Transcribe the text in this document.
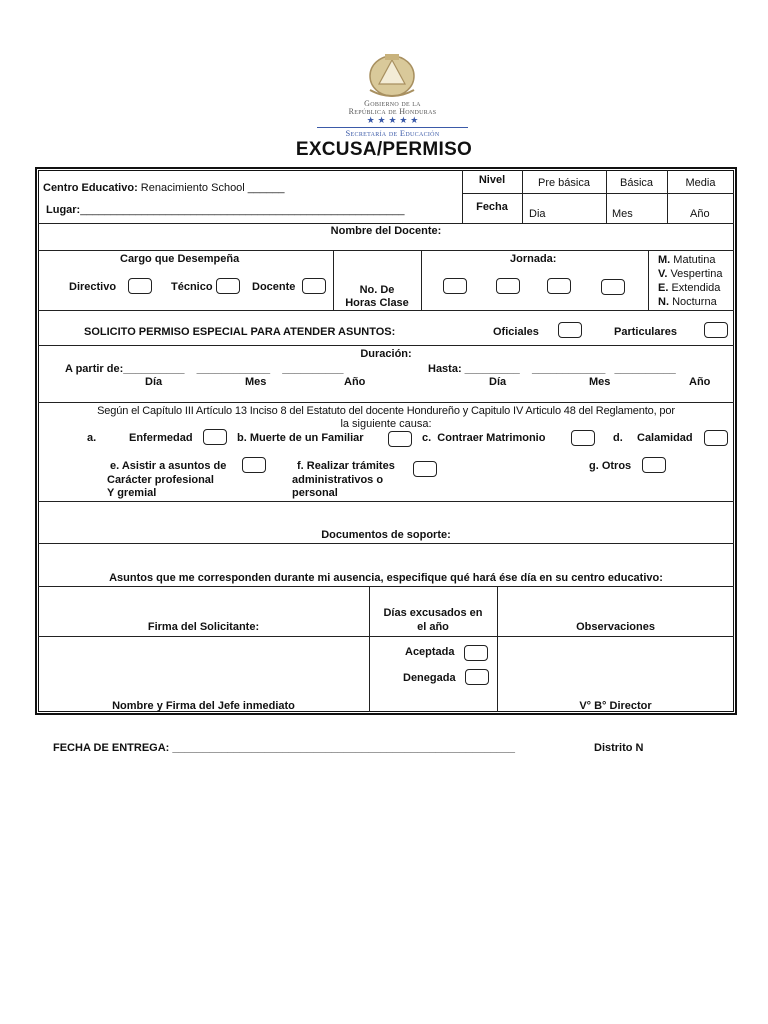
Gobierno de la
República de Honduras
★ ★ ★ ★ ★
Secretaría de Educación
EXCUSA/PERMISO
Centro Educativo: Renacimiento School ______
Lugar:_____________________________________________________
Nivel
Fecha
Pre básica	Básica	Media
Dia	Mes	Año
Nombre del Docente:
Cargo que Desempeña
Directivo	Técnico	Docente	No. De
Horas Clase
Jornada:	M. Matutina
V. Vespertina
E. Extendida
N. Nocturna
SOLICITO PERMISO ESPECIAL PARA ATENDER ASUNTOS:	Oficiales	Particulares
Duración:
A partir de:__________    ____________    __________	Hasta: _________    ____________   __________
Día	Mes	Año	Día	Mes	Año
Según el Capítulo III Artículo 13 Inciso 8 del Estatuto del docente Hondureño y Capitulo IV Articulo 48 del Reglamento, por
la siguiente causa:
a.	Enfermedad	b. Muerte de un Familiar	c.  Contraer Matrimonio	d. Calamidad
e. Asistir a asuntos de
Carácter profesional
Y gremial
f. Realizar trámites
administrativos o
personal
g. Otros
Documentos de soporte:
Asuntos que me corresponden durante mi ausencia, especifique qué hará ése día en su centro educativo:
Firma del Solicitante:
Días excusados en
el año	Observaciones
Aceptada
Denegada
Nombre y Firma del Jefe inmediato	V° B° Director
FECHA DE ENTREGA: ________________________________________________________	Distrito N
